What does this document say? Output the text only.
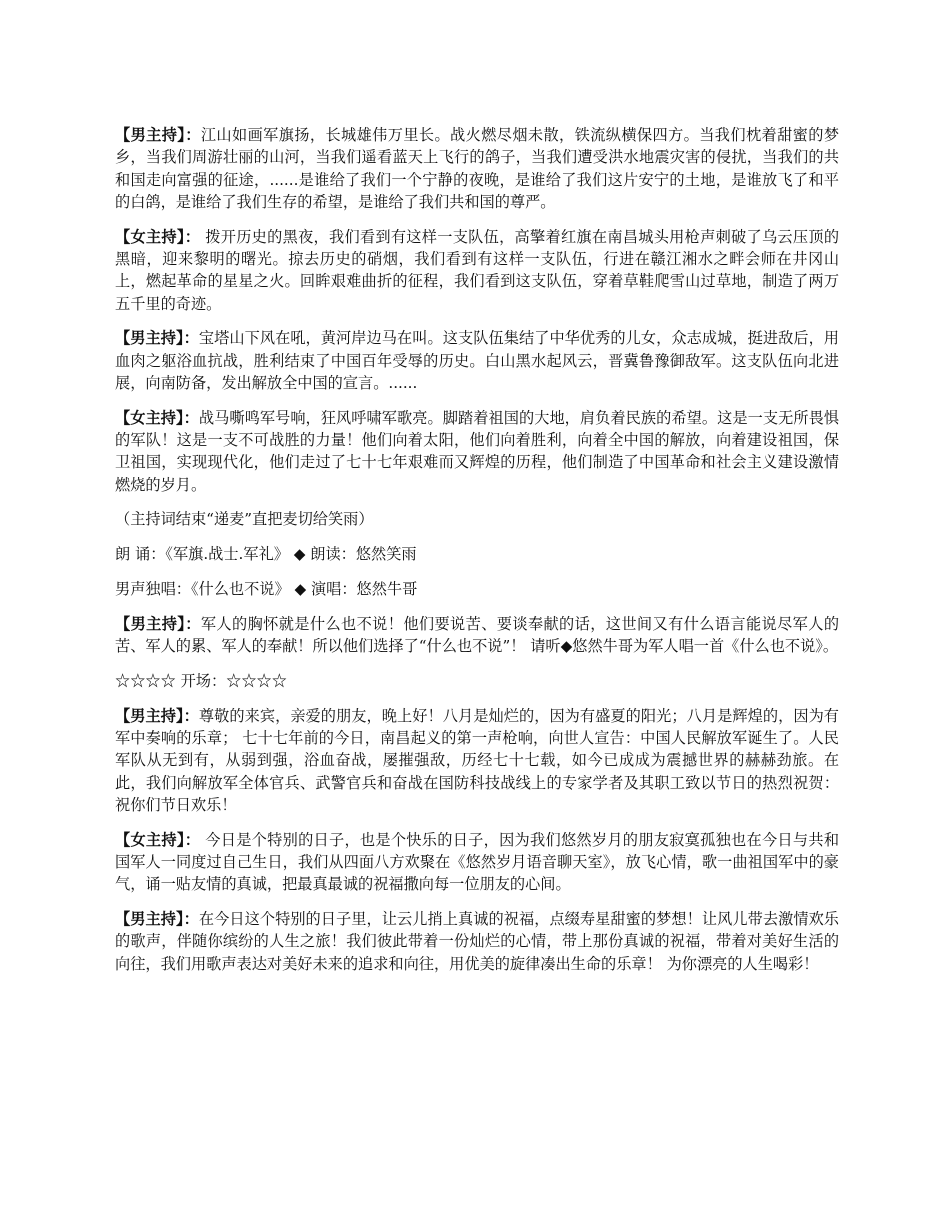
【男主持】：江山如画军旗扬，长城雄伟万里长。战火燃尽烟未散，铁流纵横保四方。当我们枕着甜蜜的梦乡，当我们周游壮丽的山河，当我们遥看蓝天上飞行的鸽子，当我们遭受洪水地震灾害的侵扰，当我们的共和国走向富强的征途，......是谁给了我们一个宁静的夜晚，是谁给了我们这片安宁的土地，是谁放飞了和平的白鸽，是谁给了我们生存的希望，是谁给了我们共和国的尊严。

【女主持】： 拨开历史的黑夜，我们看到有这样一支队伍，高擎着红旗在南昌城头用枪声刺破了乌云压顶的黑暗，迎来黎明的曙光。掠去历史的硝烟，我们看到有这样一支队伍，行进在赣江湘水之畔会师在井冈山上，燃起革命的星星之火。回眸艰难曲折的征程，我们看到这支队伍，穿着草鞋爬雪山过草地，制造了两万五千里的奇迹。

【男主持】：宝塔山下风在吼，黄河岸边马在叫。这支队伍集结了中华优秀的儿女，众志成城，挺进敌后，用血肉之躯浴血抗战，胜利结束了中国百年受辱的历史。白山黑水起风云，晋冀鲁豫御敌军。这支队伍向北进展，向南防备，发出解放全中国的宣言。......

【女主持】：战马嘶鸣军号响，狂风呼啸军歌亮。脚踏着祖国的大地，肩负着民族的希望。这是一支无所畏惧的军队！这是一支不可战胜的力量！他们向着太阳，他们向着胜利，向着全中国的解放，向着建设祖国，保卫祖国，实现现代化，他们走过了七十七年艰难而又辉煌的历程，他们制造了中国革命和社会主义建设激情燃烧的岁月。

（主持词结束“递麦”直把麦切给笑雨）

朗 诵：《军旗.战士.军礼》 ◆ 朗读：悠然笑雨

男声独唱：《什么也不说》 ◆ 演唱：悠然牛哥

【男主持】：军人的胸怀就是什么也不说！他们要说苦、要谈奉献的话，这世间又有什么语言能说尽军人的苦、军人的累、军人的奉献！所以他们选择了“什么也不说”！ 请听◆悠然牛哥为军人唱一首《什么也不说》。

☆☆☆☆ 开场：☆☆☆☆

【男主持】：尊敬的来宾，亲爱的朋友，晚上好！八月是灿烂的，因为有盛夏的阳光；八月是辉煌的，因为有军中奏响的乐章； 七十七年前的今日，南昌起义的第一声枪响，向世人宣告：中国人民解放军诞生了。人民军队从无到有，从弱到强，浴血奋战，屡摧强敌，历经七十七载，如今已成成为震撼世界的赫赫劲旅。在此，我们向解放军全体官兵、武警官兵和奋战在国防科技战线上的专家学者及其职工致以节日的热烈祝贺：祝你们节日欢乐！

【女主持】： 今日是个特别的日子，也是个快乐的日子，因为我们悠然岁月的朋友寂寞孤独也在今日与共和国军人一同度过自己生日，我们从四面八方欢聚在《悠然岁月语音聊天室》，放飞心情，歌一曲祖国军中的豪气，诵一贴友情的真诚，把最真最诚的祝福撒向每一位朋友的心间。

【男主持】：在今日这个特别的日子里，让云儿捎上真诚的祝福，点缀寿星甜蜜的梦想！让风儿带去激情欢乐的歌声，伴随你缤纷的人生之旅！我们彼此带着一份灿烂的心情，带上那份真诚的祝福，带着对美好生活的向往，我们用歌声表达对美好未来的追求和向往，用优美的旋律凑出生命的乐章！ 为你漂亮的人生喝彩！
